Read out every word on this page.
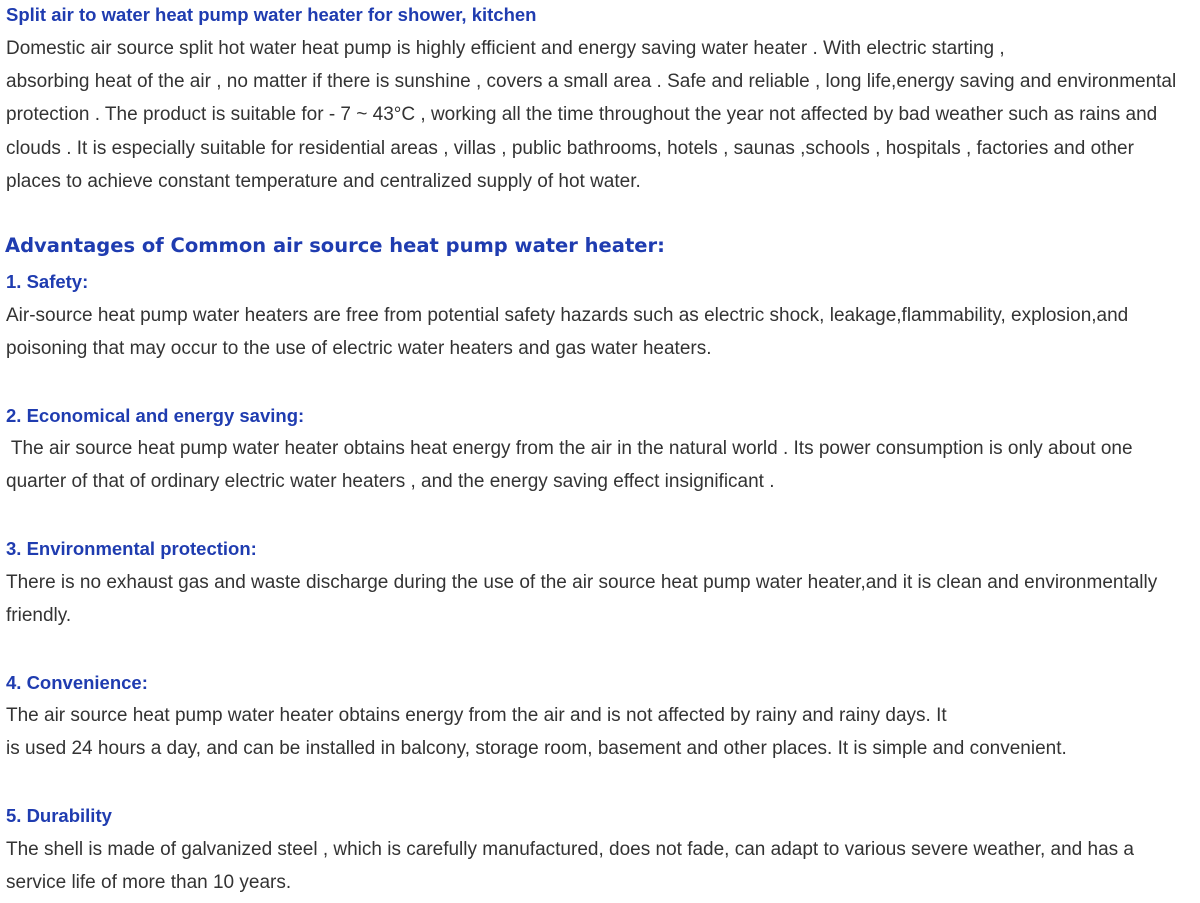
Split air to water heat pump water heater for shower, kitchen
Domestic air source split hot water heat pump is highly efficient and energy saving water heater . With electric starting ,
absorbing heat of the air , no matter if there is sunshine , covers a small area . Safe and reliable , long life,energy saving and environmental
protection . The product is suitable for - 7 ~ 43°C , working all the time throughout the year not affected by bad weather such as rains and
clouds . It is especially suitable for residential areas , villas , public bathrooms, hotels , saunas ,schools , hospitals , factories and other
places to achieve constant temperature and centralized supply of hot water.
Advantages of Common air source heat pump water heater:
1. Safety:
Air-source heat pump water heaters are free from potential safety hazards such as electric shock, leakage,flammability, explosion,and
poisoning that may occur to the use of electric water heaters and gas water heaters.
2. Economical and energy saving:
The air source heat pump water heater obtains heat energy from the air in the natural world . Its power consumption is only about one
quarter of that of ordinary electric water heaters , and the energy saving effect insignificant .
3. Environmental protection:
There is no exhaust gas and waste discharge during the use of the air source heat pump water heater,and it is clean and environmentally
friendly.
4. Convenience:
The air source heat pump water heater obtains energy from the air and is not affected by rainy and rainy days. It
is used 24 hours a day, and can be installed in balcony, storage room, basement and other places. It is simple and convenient.
5. Durability
The shell is made of galvanized steel , which is carefully manufactured, does not fade, can adapt to various severe weather, and has a
service life of more than 10 years.
